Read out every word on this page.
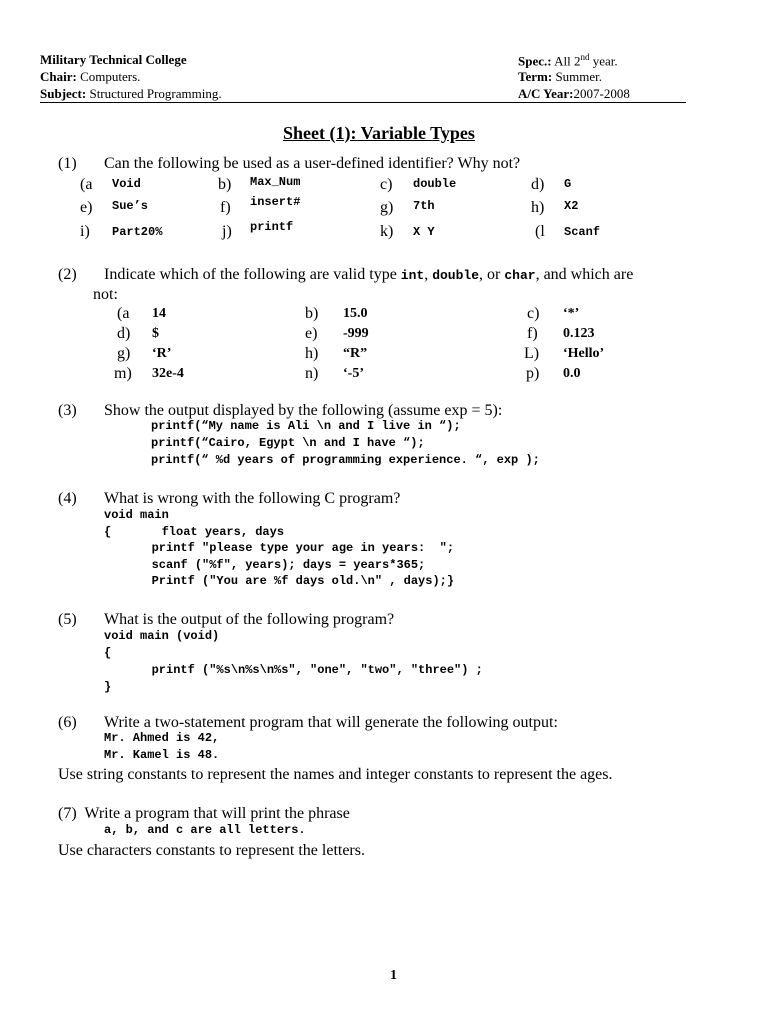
Military Technical College
Chair: Computers.
Subject: Structured Programming.
Spec.: All 2nd year.
Term: Summer.
A/C Year:2007-2008
Sheet (1): Variable Types
(1) Can the following be used as a user-defined identifier? Why not?
(a Void	b) Max_Num	c) double	d) G
e) Sue’s	f) insert#	g) 7th	h) X2
i) Part20%	j) printf	k) X Y	(l Scanf
(2) Indicate which of the following are valid type int, double, or char, and which are
not:
(a 14	b) 15.0	c) ‘*’
d) $	e) -999	f) 0.123
g) ‘R’	h) “R”	L) ‘Hello’
m) 32e-4	n) ‘-5’	p) 0.0
(3) Show the output displayed by the following (assume exp = 5):
printf(“My name is Ali \n and I live in “);
printf(“Cairo, Egypt \n and I have “);
printf(“ %d years of programming experience. “, exp );
(4) What is wrong with the following C program?
void main
{       float years, days
printf "please type your age in years:  ";
scanf ("%f", years); days = years*365;
Printf ("You are %f days old.\n" , days);}
(5) What is the output of the following program?
void main (void)
{
printf ("%s\n%s\n%s", "one", "two", "three") ;
}
(6) Write a two-statement program that will generate the following output:
Mr. Ahmed is 42,
Mr. Kamel is 48.
Use string constants to represent the names and integer constants to represent the ages.
(7)  Write a program that will print the phrase
a, b, and c are all letters.
Use characters constants to represent the letters.
1
